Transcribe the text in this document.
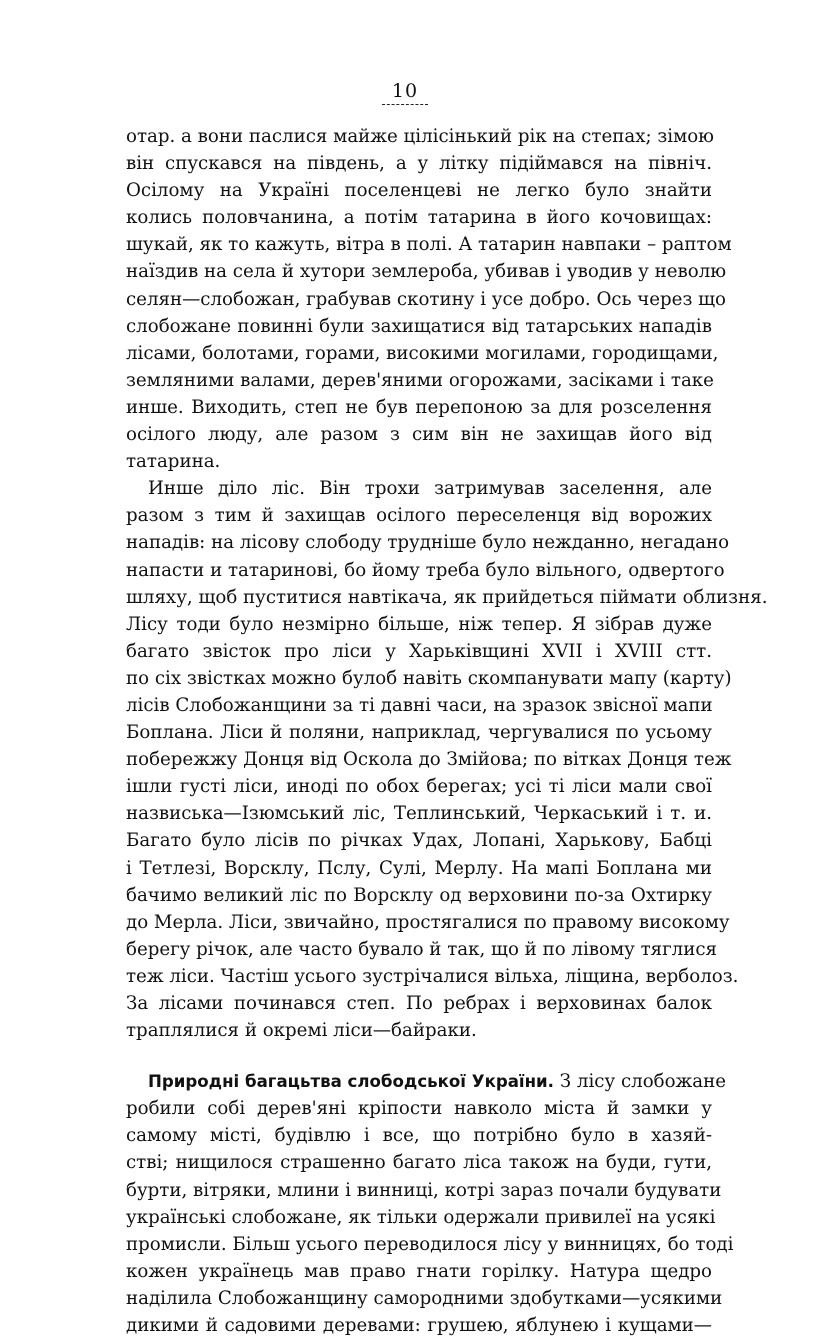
10
отар. а вони паслися майже цілісінький рік на степах; зімою
він спускався на південь, а у літку підіймався на північ.
Осілому на Україні поселенцеві не легко було знайти
колись половчанина, а потім татарина в його кочовищах:
шукай, як то кажуть, вітра в полі. А татарин навпаки – раптом
наїздив на села й хутори землероба, убивав і уводив у неволю
селян—слобожан, грабував скотину і усе добро. Ось через що
слобожане повинні були захищатися від татарських нападів
лісами, болотами, горами, високими могилами, городищами,
земляними валами, дерев'яними огорожами, засіками і таке
инше. Виходить, степ не був перепоною за для розселення
осілого люду, але разом з сим він не захищав його від
татарина.
Инше діло ліс. Він трохи затримував заселення, але
разом з тим й захищав осілого переселенця від ворожих
нападів: на лісову слободу трудніше було нежданно, негадано
напасти и татаринові, бо йому треба було вільного, одвертого
шляху, щоб пуститися навтікача, як прийдеться піймати облизня.
Лісу тоди було незмірно більше, ніж тепер. Я зібрав дуже
багато звісток про ліси у Харьківщині XVII і XVIII стт.
по сіх звістках можно булоб навіть скомпанувати мапу (карту)
лісів Слобожанщини за ті давні часи, на зразок звісної мапи
Боплана. Ліси й поляни, наприклад, чергувалися по усьому
побережжу Донця від Оскола до Змійова; по вітках Донця теж
ішли густі ліси, иноді по обох берегах; усі ті ліси мали свої
назвиська—Ізюмський ліс, Теплинський, Черкаський і т. и.
Багато було лісів по річках Удах, Лопані, Харькову, Бабці
і Тетлезі, Ворсклу, Пслу, Сулі, Мерлу. На мапі Боплана ми
бачимо великий ліс по Ворсклу од верховини по-за Охтирку
до Мерла. Ліси, звичайно, простягалися по правому високому
берегу річок, але часто бувало й так, що й по лівому тяглися
теж ліси. Частіш усього зустрічалися вільха, ліщина, верболоз.
За лісами починався степ. По ребрах і верховинах балок
траплялися й окремі ліси—байраки.
Природні багацьтва слободської України. З лісу слобожане
робили собі дерев'яні кріпости навколо міста й замки у
самому місті, будівлю і все, що потрібно було в хазяй-
стві; нищилося страшенно багато ліса також на буди, гути,
бурти, вітряки, млини і винниці, котрі зараз почали будувати
українські слобожане, як тільки одержали привилеї на усякі
промисли. Більш усього переводилося лісу у винницях, бо тоді
кожен українець мав право гнати горілку. Натура щедро
наділила Слобожанщину самородними здобутками—усякими
дикими й садовими деревами: грушею, яблунею і кущами—
